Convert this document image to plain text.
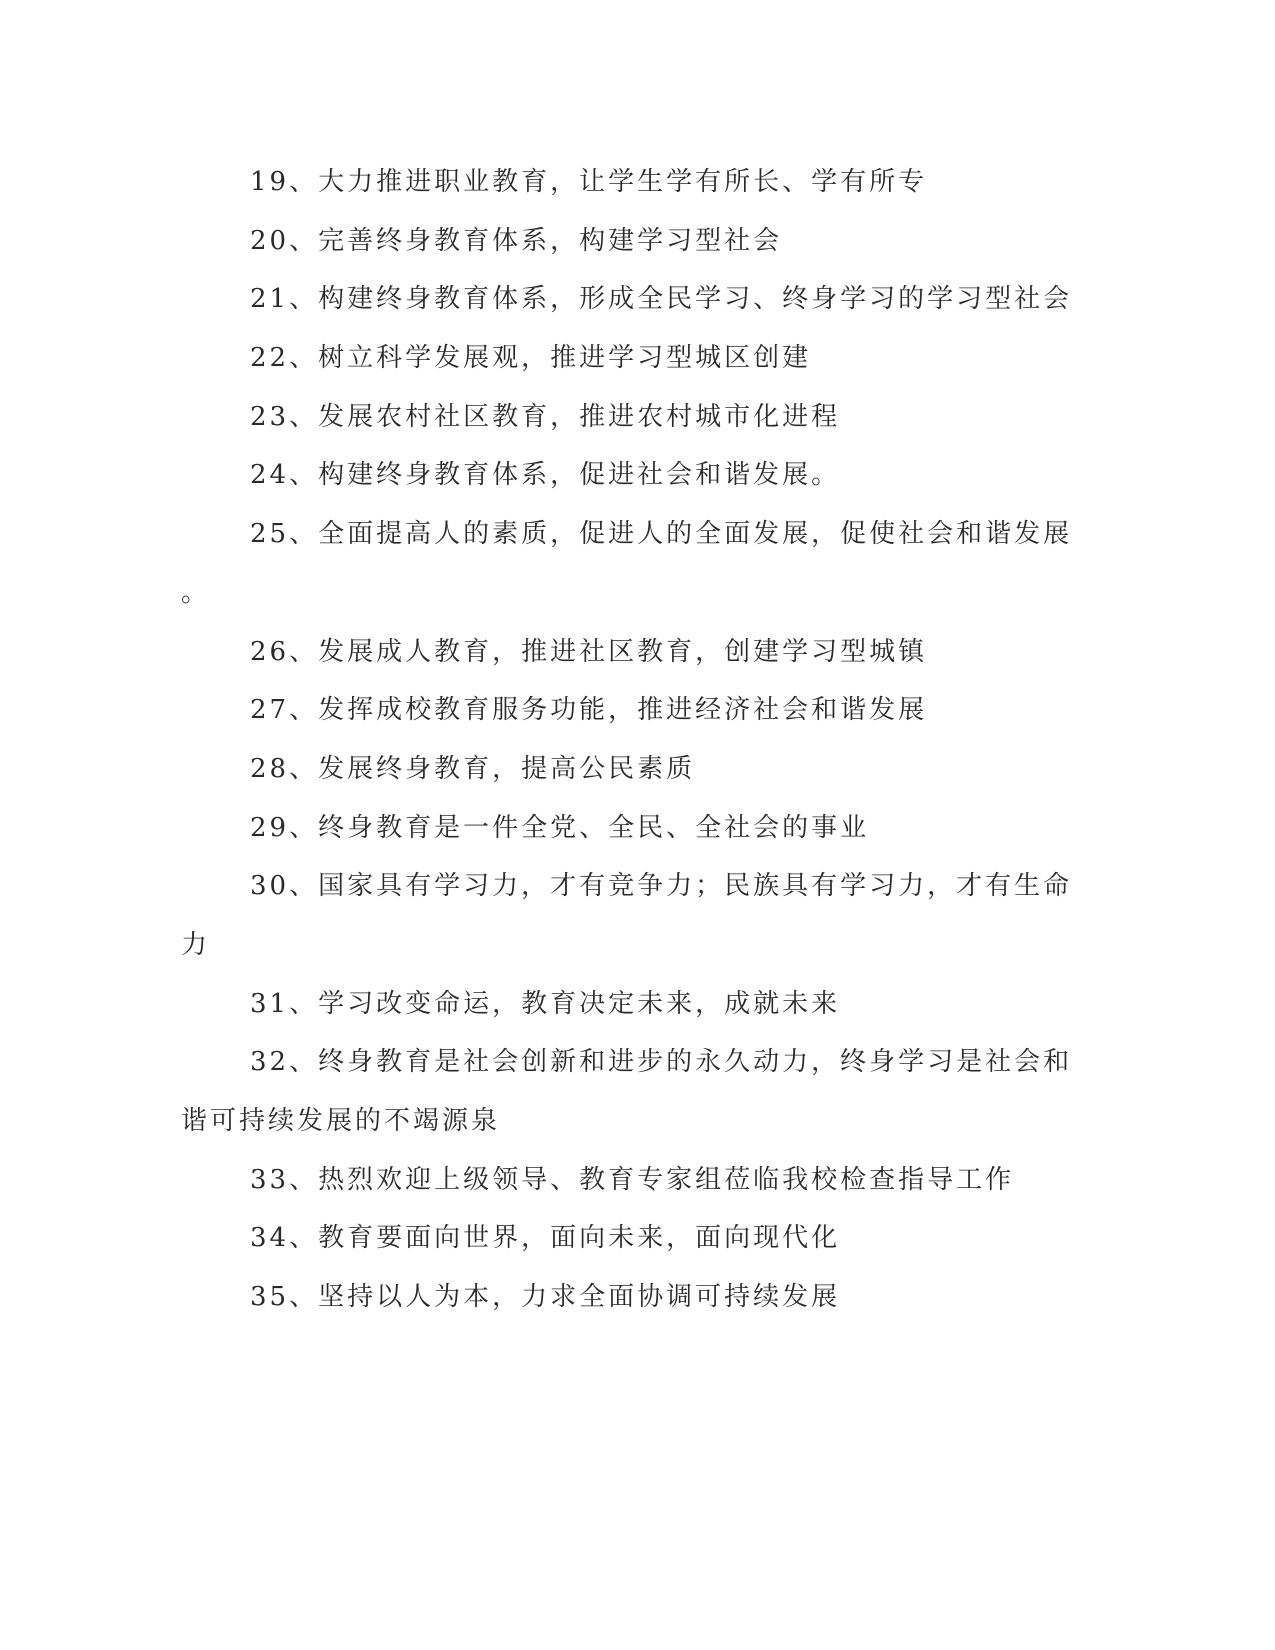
19、大力推进职业教育，让学生学有所长、学有所专
20、完善终身教育体系，构建学习型社会
21、构建终身教育体系，形成全民学习、终身学习的学习型社会
22、树立科学发展观，推进学习型城区创建
23、发展农村社区教育，推进农村城市化进程
24、构建终身教育体系，促进社会和谐发展。
25、全面提高人的素质，促进人的全面发展，促使社会和谐发展
。
26、发展成人教育，推进社区教育，创建学习型城镇
27、发挥成校教育服务功能，推进经济社会和谐发展
28、发展终身教育，提高公民素质
29、终身教育是一件全党、全民、全社会的事业
30、国家具有学习力，才有竞争力；民族具有学习力，才有生命
力
31、学习改变命运，教育决定未来，成就未来
32、终身教育是社会创新和进步的永久动力，终身学习是社会和
谐可持续发展的不竭源泉
33、热烈欢迎上级领导、教育专家组莅临我校检查指导工作
34、教育要面向世界，面向未来，面向现代化
35、坚持以人为本，力求全面协调可持续发展
